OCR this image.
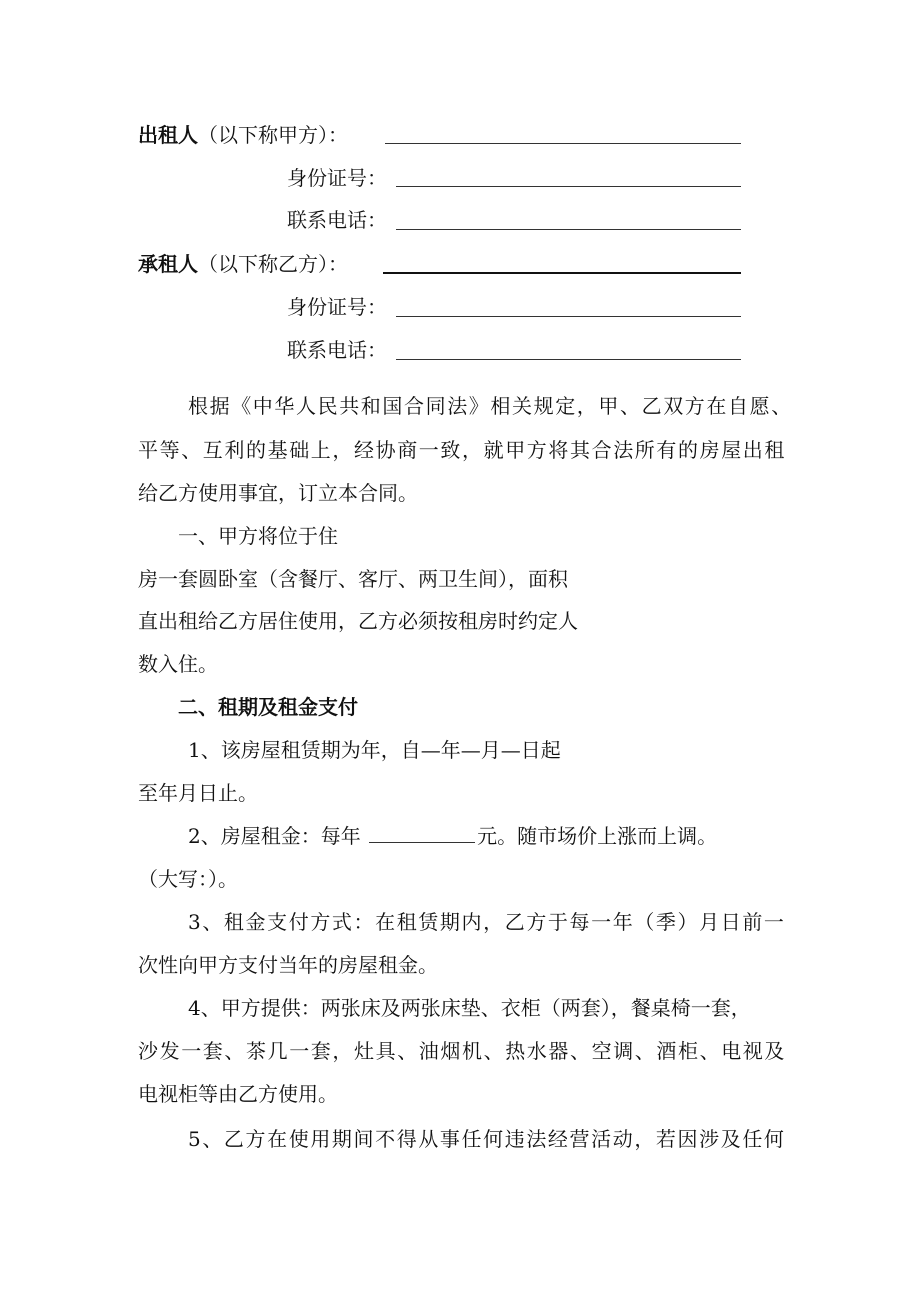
出租人（以下称甲方）：
身份证号：
联系电话：
承租人（以下称乙方）：
身份证号：
联系电话：
根据《中华人民共和国合同法》相关规定，甲、乙双方在自愿、
平等、互利的基础上，经协商一致，就甲方将其合法所有的房屋出租
给乙方使用事宜，订立本合同。
一、甲方将位于住
房一套圆卧室（含餐厅、客厅、两卫生间），面积
直出租给乙方居住使用，乙方必须按租房时约定人
数入住。
二、租期及租金支付
1、该房屋租赁期为年，自—年—月—日起
至年月日止。
2、房屋租金：每年	元。随市场价上涨而上调。
（大写：）。
3、租金支付方式：在租赁期内，乙方于每一年（季）月日前一
次性向甲方支付当年的房屋租金。
4、甲方提供：两张床及两张床垫、衣柜（两套），餐桌椅一套，
沙发一套、茶几一套，灶具、油烟机、热水器、空调、酒柜、电视及
电视柜等由乙方使用。
5、乙方在使用期间不得从事任何违法经营活动，若因涉及任何
